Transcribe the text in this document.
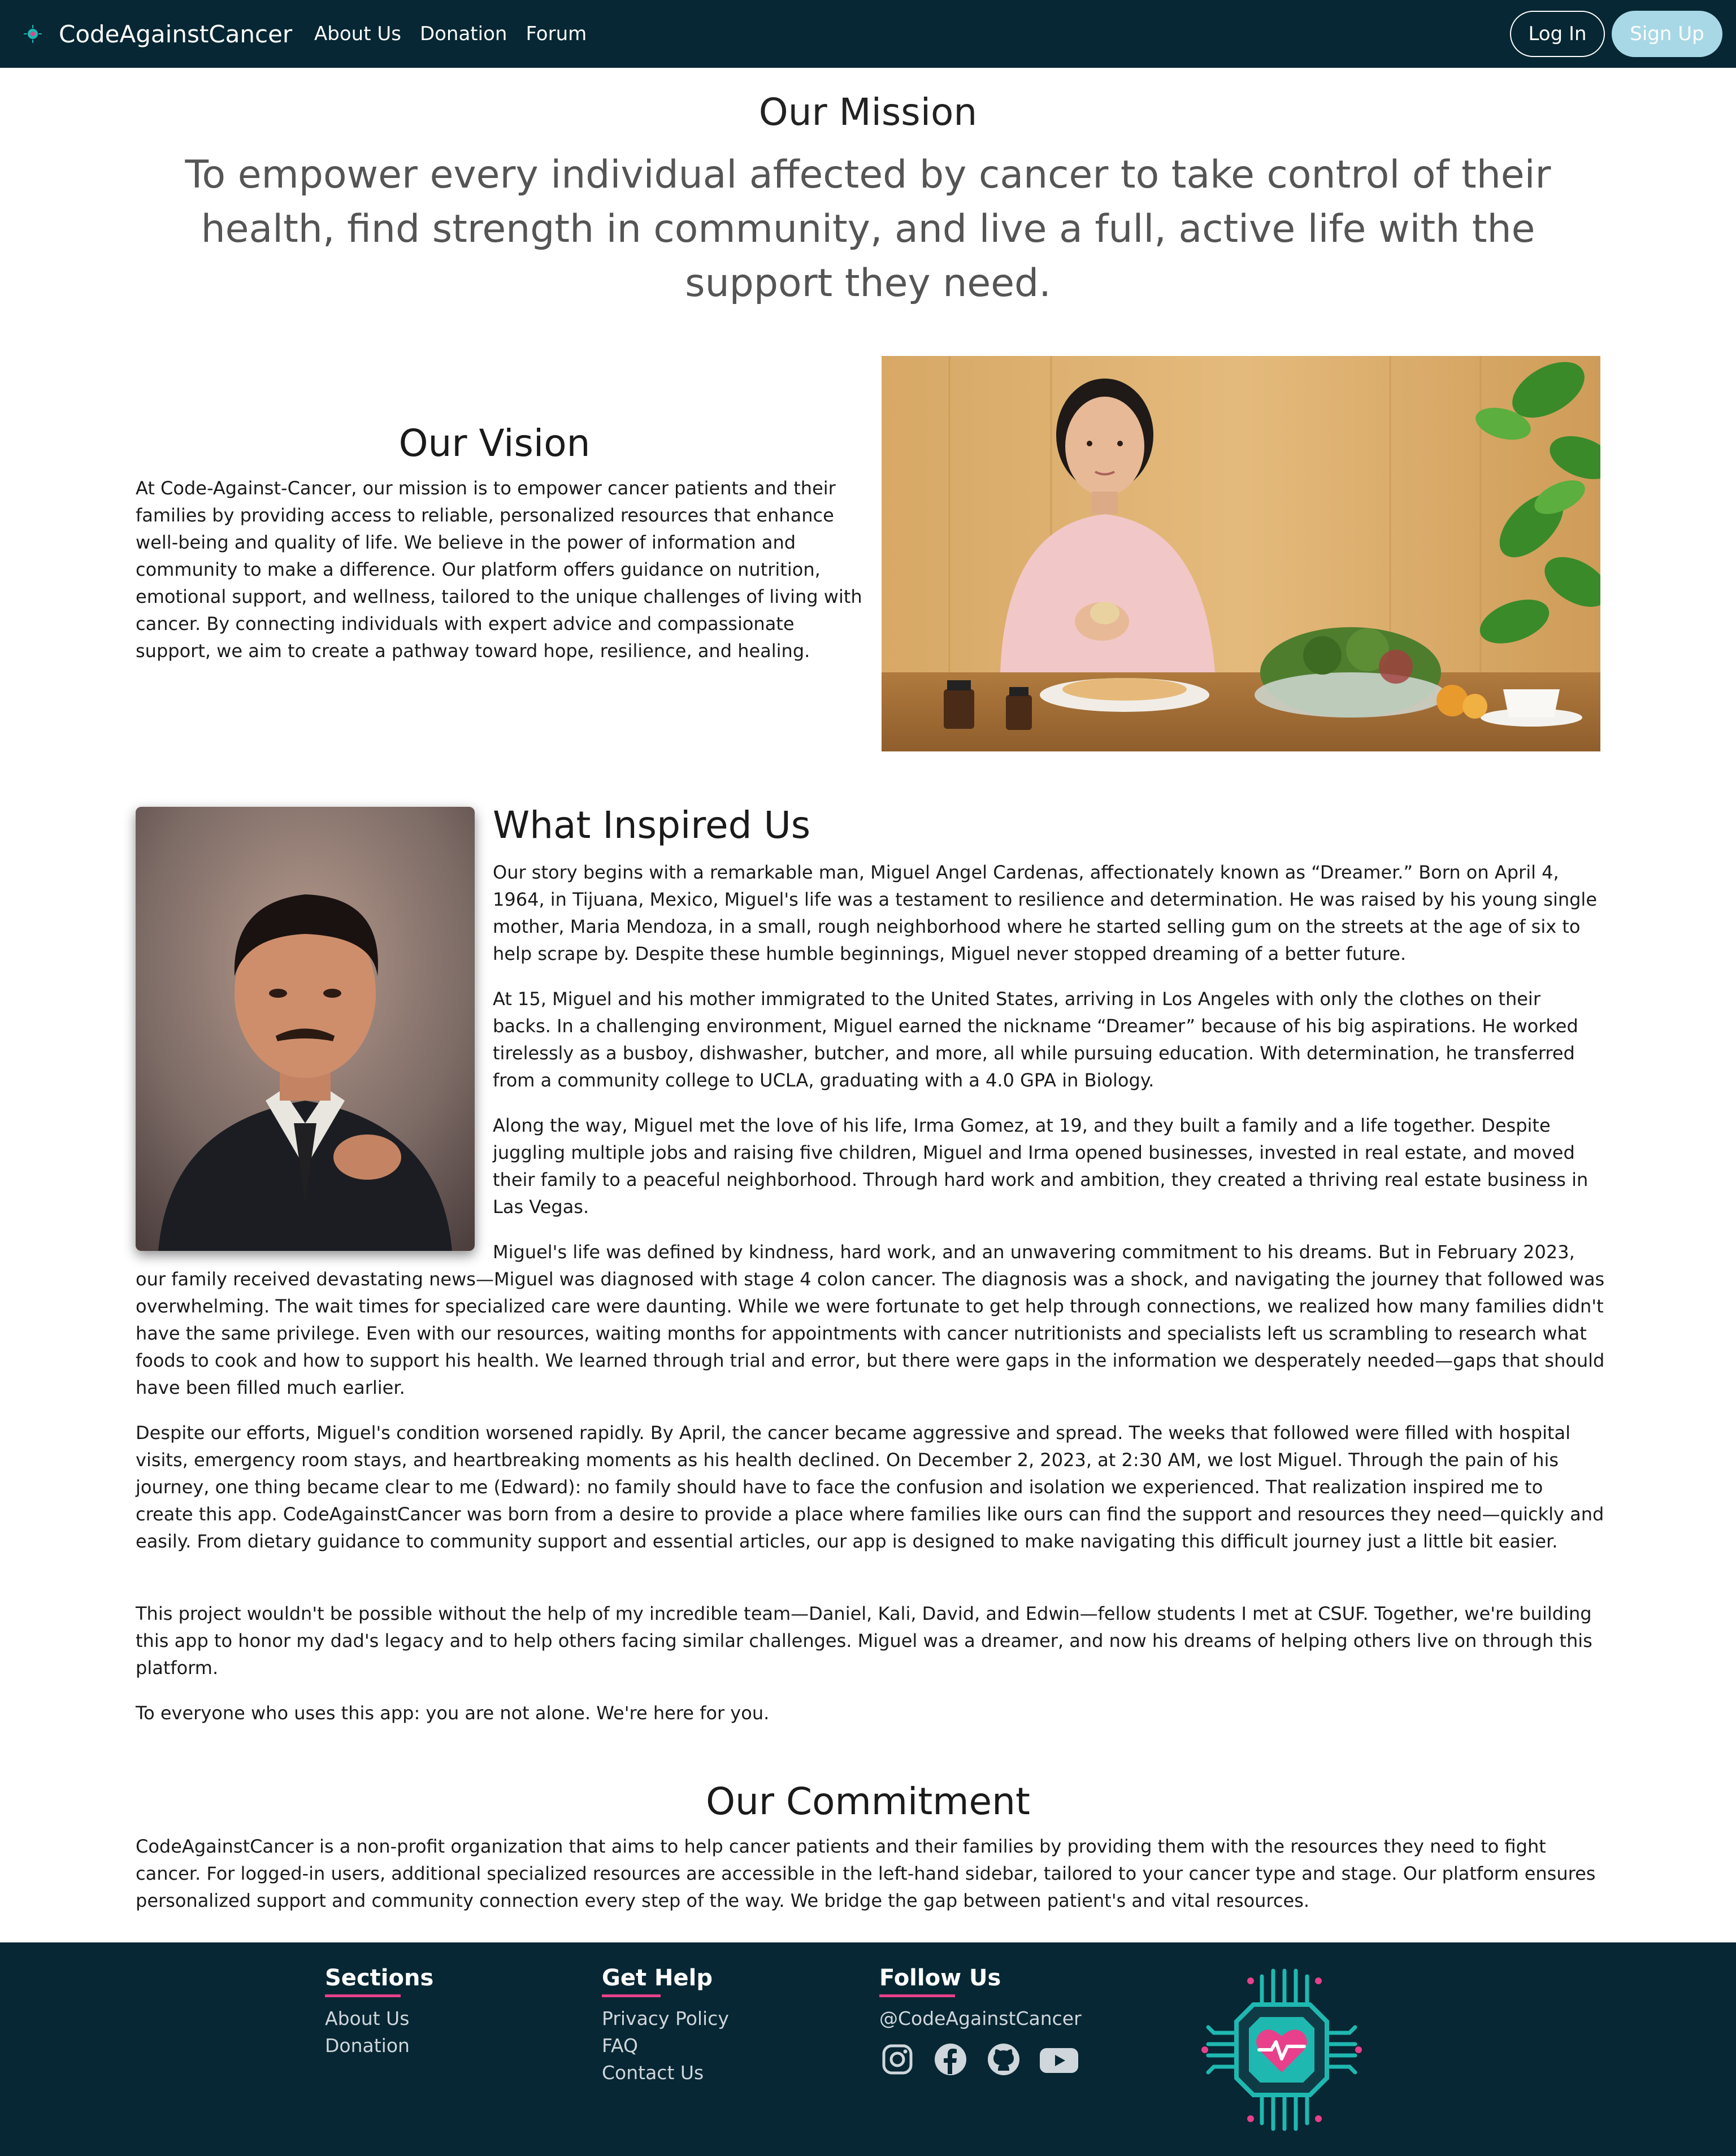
CodeAgainstCancer About Us Donation Forum	Log In	Sign Up
Our Mission

To empower every individual affected by cancer to take control of their health, find strength in community, and live a full, active life with the support they need.

Our Vision

At Code-Against-Cancer, our mission is to empower cancer patients and their families by providing access to reliable, personalized resources that enhance well-being and quality of life. We believe in the power of information and community to make a difference. Our platform offers guidance on nutrition, emotional support, and wellness, tailored to the unique challenges of living with cancer. By connecting individuals with expert advice and compassionate support, we aim to create a pathway toward hope, resilience, and healing.

What Inspired Us

Our story begins with a remarkable man, Miguel Angel Cardenas, affectionately known as “Dreamer.” Born on April 4, 1964, in Tijuana, Mexico, Miguel's life was a testament to resilience and determination. He was raised by his young single mother, Maria Mendoza, in a small, rough neighborhood where he started selling gum on the streets at the age of six to help scrape by. Despite these humble beginnings, Miguel never stopped dreaming of a better future.

At 15, Miguel and his mother immigrated to the United States, arriving in Los Angeles with only the clothes on their backs. In a challenging environment, Miguel earned the nickname “Dreamer” because of his big aspirations. He worked tirelessly as a busboy, dishwasher, butcher, and more, all while pursuing education. With determination, he transferred from a community college to UCLA, graduating with a 4.0 GPA in Biology.

Along the way, Miguel met the love of his life, Irma Gomez, at 19, and they built a family and a life together. Despite juggling multiple jobs and raising five children, Miguel and Irma opened businesses, invested in real estate, and moved their family to a peaceful neighborhood. Through hard work and ambition, they created a thriving real estate business in Las Vegas.

Miguel's life was defined by kindness, hard work, and an unwavering commitment to his dreams. But in February 2023, our family received devastating news—Miguel was diagnosed with stage 4 colon cancer. The diagnosis was a shock, and navigating the journey that followed was overwhelming. The wait times for specialized care were daunting. While we were fortunate to get help through connections, we realized how many families didn't have the same privilege. Even with our resources, waiting months for appointments with cancer nutritionists and specialists left us scrambling to research what foods to cook and how to support his health. We learned through trial and error, but there were gaps in the information we desperately needed—gaps that should have been filled much earlier.

Despite our efforts, Miguel's condition worsened rapidly. By April, the cancer became aggressive and spread. The weeks that followed were filled with hospital visits, emergency room stays, and heartbreaking moments as his health declined. On December 2, 2023, at 2:30 AM, we lost Miguel. Through the pain of his journey, one thing became clear to me (Edward): no family should have to face the confusion and isolation we experienced. That realization inspired me to create this app. CodeAgainstCancer was born from a desire to provide a place where families like ours can find the support and resources they need—quickly and easily. From dietary guidance to community support and essential articles, our app is designed to make navigating this difficult journey just a little bit easier.

This project wouldn't be possible without the help of my incredible team—Daniel, Kali, David, and Edwin—fellow students I met at CSUF. Together, we're building this app to honor my dad's legacy and to help others facing similar challenges. Miguel was a dreamer, and now his dreams of helping others live on through this platform.

To everyone who uses this app: you are not alone. We're here for you.

Our Commitment

CodeAgainstCancer is a non-profit organization that aims to help cancer patients and their families by providing them with the resources they need to fight cancer. For logged-in users, additional specialized resources are accessible in the left-hand sidebar, tailored to your cancer type and stage. Our platform ensures personalized support and community connection every step of the way. We bridge the gap between patient's and vital resources.

Sections
About Us
Donation
Get Help
Privacy Policy
FAQ
Contact Us
Follow Us
@CodeAgainstCancer
